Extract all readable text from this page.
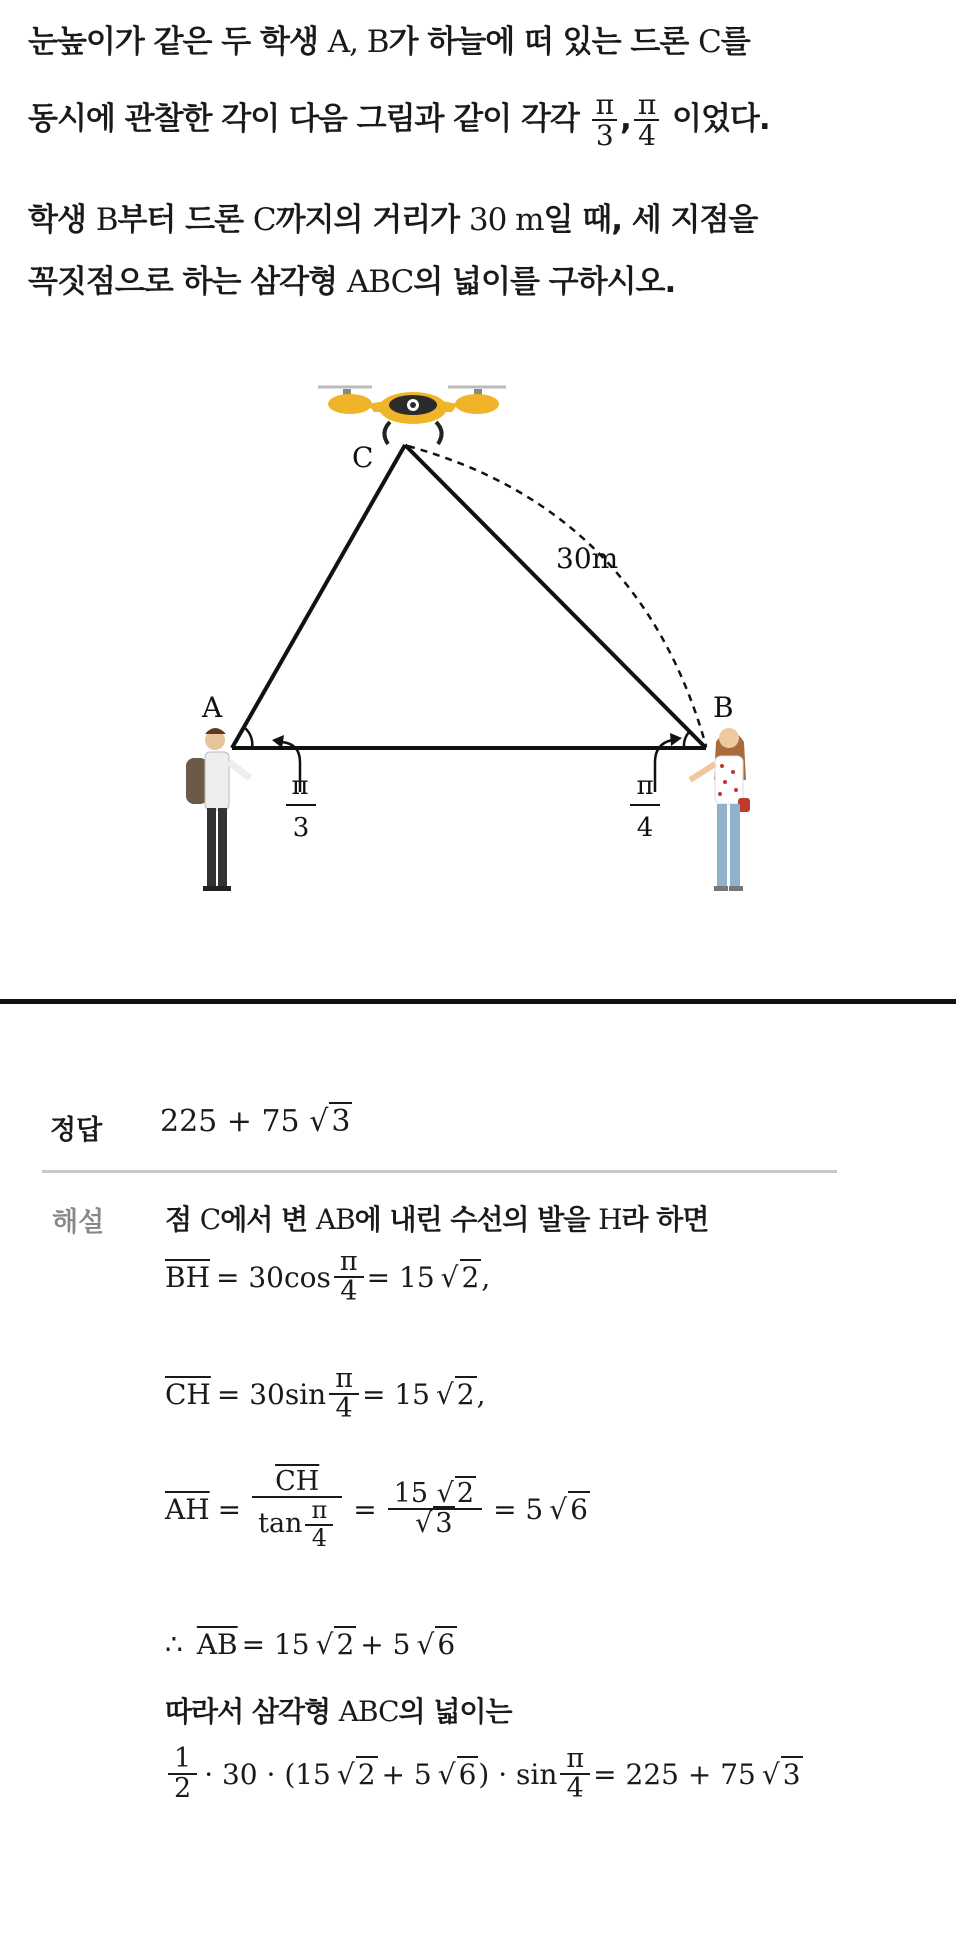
눈높이가 같은 두 학생 A, B가 하늘에 떠 있는 드론 C를
동시에 관찰한 각이 다음 그림과 같이 각각 $\frac{\pi}{3}$ , $\frac{\pi}{4}$ 이었다.
학생 B부터 드론 C까지의 거리가 30 m일 때, 세 지점을
꼭짓점으로 하는 삼각형 ABC의 넓이를 구하시오.
C
A	B
30m
π
3
π
4
정답 225 + 75 √ 3
해설 점 C에서 변 AB에 내린 수선의 발을 H라 하면
$\overline{BH} = 30\cos \frac{\pi}{4} = 15$ √ 2 ,
$\overline{CH} = 30\sin \frac{\pi}{4} = 15$ √ 2 ,
$\overline{AH} = \frac{\overline{CH}}{\tan \frac{\pi}{4}} = \frac{15 √ 2}{√ 3} = 5$ √ 6
∴ $\overline{AB} = 15$ √ 2 + 5 √ 6
따라서 삼각형 ABC의 넓이는
$\frac{1}{2} \cdot 30 \cdot (15$ √ 2 + 5 √ 6 ) · $\sin \frac{\pi}{4} = 225 + 75$ √ 3
